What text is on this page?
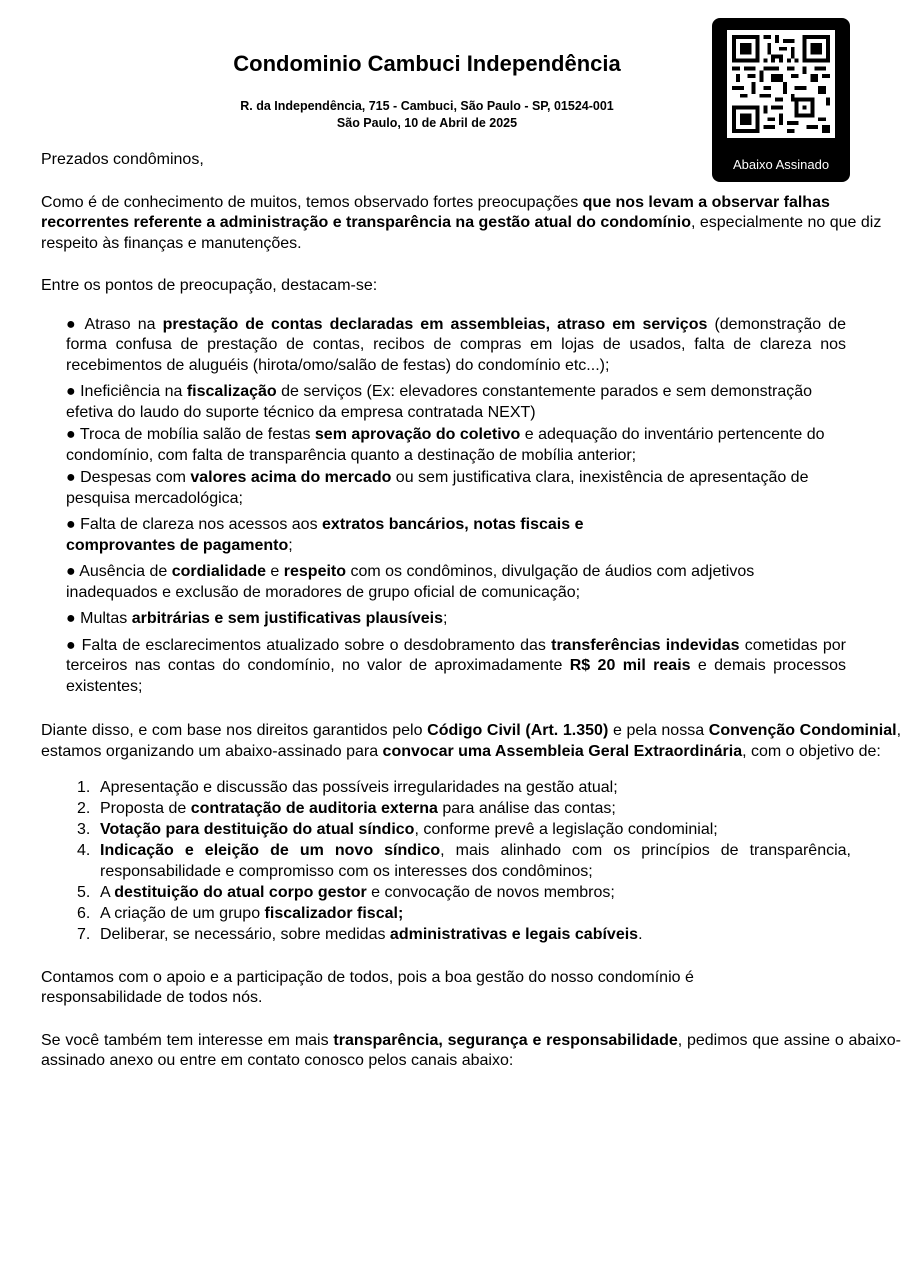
Condominio Cambuci Independência
R. da Independência, 715 - Cambuci, São Paulo - SP, 01524-001
São Paulo, 10 de Abril de 2025
Abaixo Assinado

Prezados condôminos,

Como é de conhecimento de muitos, temos observado fortes preocupações que nos levam a observar falhas recorrentes referente a administração e transparência na gestão atual do condomínio, especialmente no que diz respeito às finanças e manutenções.

Entre os pontos de preocupação, destacam-se:

● Atraso na prestação de contas declaradas em assembleias, atraso em serviços (demonstração de forma confusa de prestação de contas, recibos de compras em lojas de usados, falta de clareza nos recebimentos de aluguéis (hirota/omo/salão de festas) do condomínio etc...);

● Ineficiência na fiscalização de serviços (Ex: elevadores constantemente parados e sem demonstração efetiva do laudo do suporte técnico da empresa contratada NEXT)

● Troca de mobília salão de festas sem aprovação do coletivo e adequação do inventário pertencente do condomínio, com falta de transparência quanto a destinação de mobília anterior;

● Despesas com valores acima do mercado ou sem justificativa clara, inexistência de apresentação de pesquisa mercadológica;

● Falta de clareza nos acessos aos extratos bancários, notas fiscais e comprovantes de pagamento;

● Ausência de cordialidade e respeito com os condôminos, divulgação de áudios com adjetivos inadequados e exclusão de moradores de grupo oficial de comunicação;

● Multas arbitrárias e sem justificativas plausíveis;

● Falta de esclarecimentos atualizado sobre o desdobramento das transferências indevidas cometidas por terceiros nas contas do condomínio, no valor de aproximadamente R$ 20 mil reais e demais processos existentes;

Diante disso, e com base nos direitos garantidos pelo Código Civil (Art. 1.350) e pela nossa Convenção Condominial, estamos organizando um abaixo-assinado para convocar uma Assembleia Geral Extraordinária, com o objetivo de:

1. Apresentação e discussão das possíveis irregularidades na gestão atual;
2. Proposta de contratação de auditoria externa para análise das contas;
3. Votação para destituição do atual síndico, conforme prevê a legislação condominial;
4. Indicação e eleição de um novo síndico, mais alinhado com os princípios de transparência, responsabilidade e compromisso com os interesses dos condôminos;
5. A destituição do atual corpo gestor e convocação de novos membros;
6. A criação de um grupo fiscalizador fiscal;
7. Deliberar, se necessário, sobre medidas administrativas e legais cabíveis.

Contamos com o apoio e a participação de todos, pois a boa gestão do nosso condomínio é responsabilidade de todos nós.

Se você também tem interesse em mais transparência, segurança e responsabilidade, pedimos que assine o abaixo-assinado anexo ou entre em contato conosco pelos canais abaixo:
